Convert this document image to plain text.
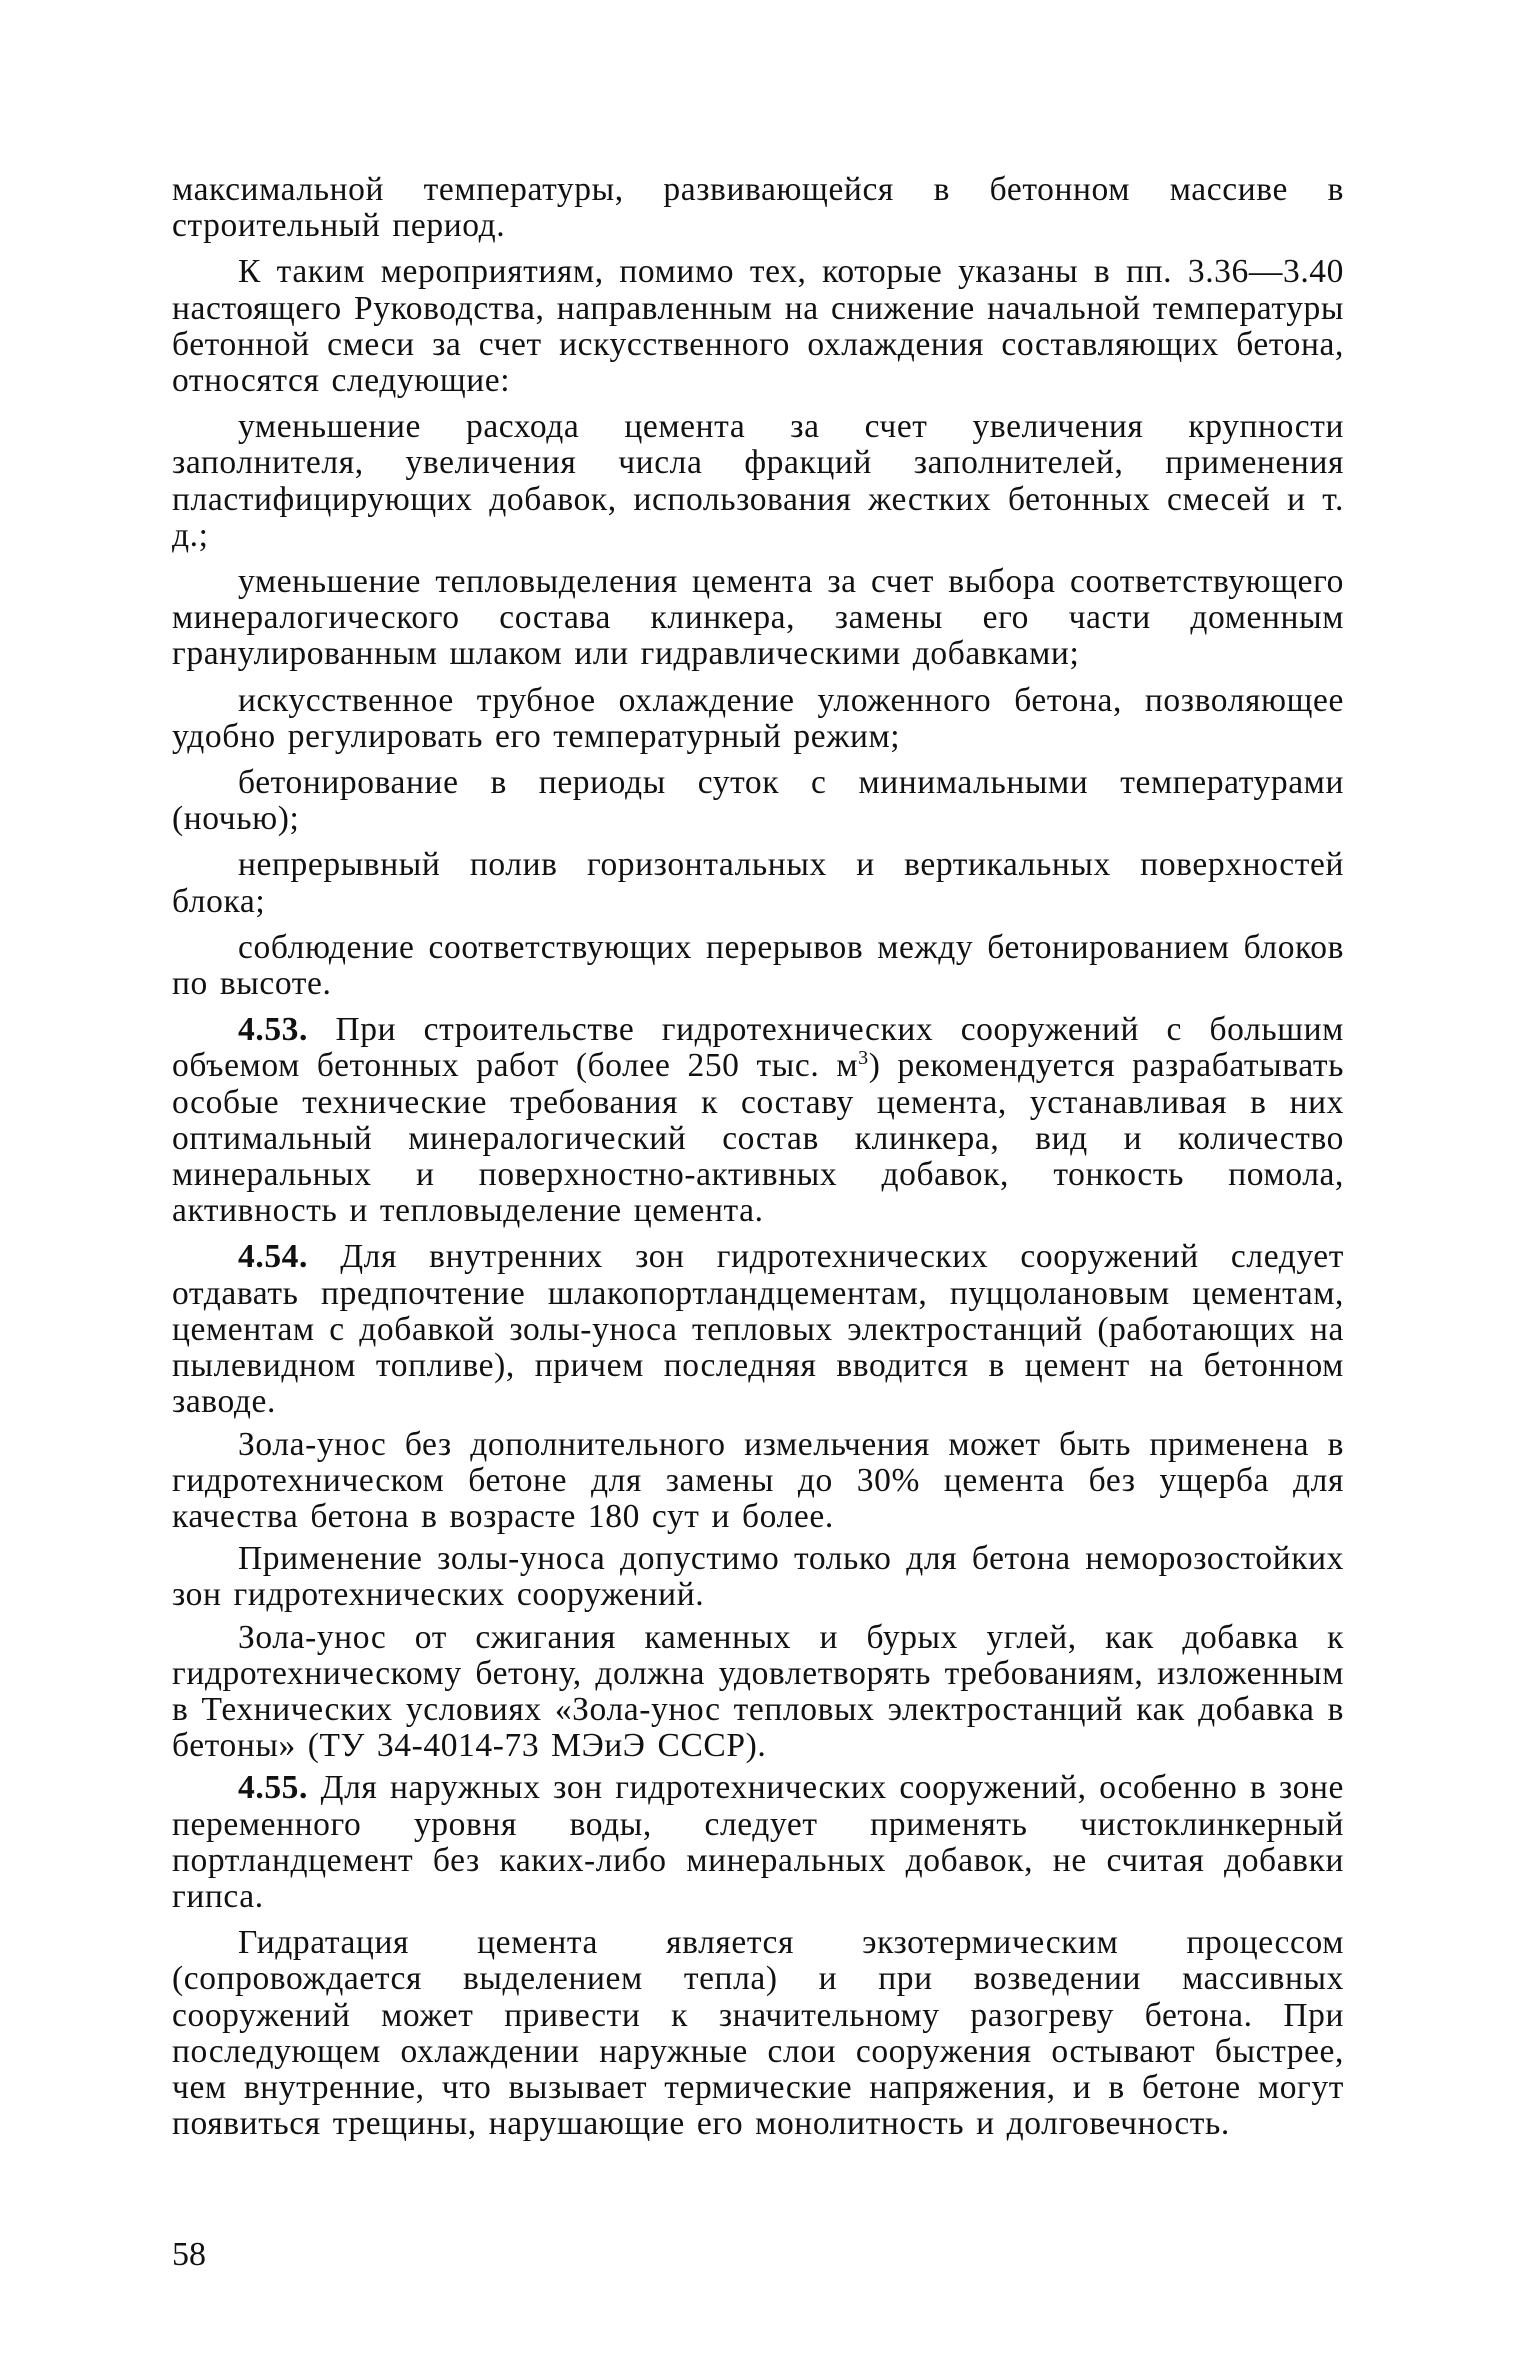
максимальной температуры, развивающейся в бетонном массиве в строительный период.

К таким мероприятиям, помимо тех, которые указаны в пп. 3.36—3.40 настоящего Руководства, направленным на снижение начальной температуры бетонной смеси за счет искусственного охлаждения составляющих бетона, относятся следующие:

уменьшение расхода цемента за счет увеличения крупности заполнителя, увеличения числа фракций заполнителей, применения пластифицирующих добавок, использования жестких бетонных смесей и т. д.;

уменьшение тепловыделения цемента за счет выбора соответствующего минералогического состава клинкера, замены его части доменным гранулированным шлаком или гидравлическими добавками;

искусственное трубное охлаждение уложенного бетона, позволяющее удобно регулировать его температурный режим;

бетонирование в периоды суток с минимальными температурами (ночью);

непрерывный полив горизонтальных и вертикальных поверхностей блока;

соблюдение соответствующих перерывов между бетонированием блоков по высоте.

4.53. При строительстве гидротехнических сооружений с большим объемом бетонных работ (более 250 тыс. $м^3$) рекомендуется разрабатывать особые технические требования к составу цемента, устанавливая в них оптимальный минералогический состав клинкера, вид и количество минеральных и поверхностно-активных добавок, тонкость помола, активность и тепловыделение цемента.

4.54. Для внутренних зон гидротехнических сооружений следует отдавать предпочтение шлакопортландцементам, пуццолановым цементам, цементам с добавкой золы-уноса тепловых электростанций (работающих на пылевидном топливе), причем последняя вводится в цемент на бетонном заводе.

Зола-унос без дополнительного измельчения может быть применена в гидротехническом бетоне для замены до 30% цемента без ущерба для качества бетона в возрасте 180 сут и более.

Применение золы-уноса допустимо только для бетона неморозостойких зон гидротехнических сооружений.

Зола-унос от сжигания каменных и бурых углей, как добавка к гидротехническому бетону, должна удовлетворять требованиям, изложенным в Технических условиях «Зола-унос тепловых электростанций как добавка в бетоны» (ТУ 34-4014-73 МЭиЭ СССР).

4.55. Для наружных зон гидротехнических сооружений, особенно в зоне переменного уровня воды, следует применять чистоклинкерный портландцемент без каких-либо минеральных добавок, не считая добавки гипса.

Гидратация цемента является экзотермическим процессом (сопровождается выделением тепла) и при возведении массивных сооружений может привести к значительному разогреву бетона. При последующем охлаждении наружные слои сооружения остывают быстрее, чем внутренние, что вызывает термические напряжения, и в бетоне могут появиться трещины, нарушающие его монолитность и долговечность.

58
